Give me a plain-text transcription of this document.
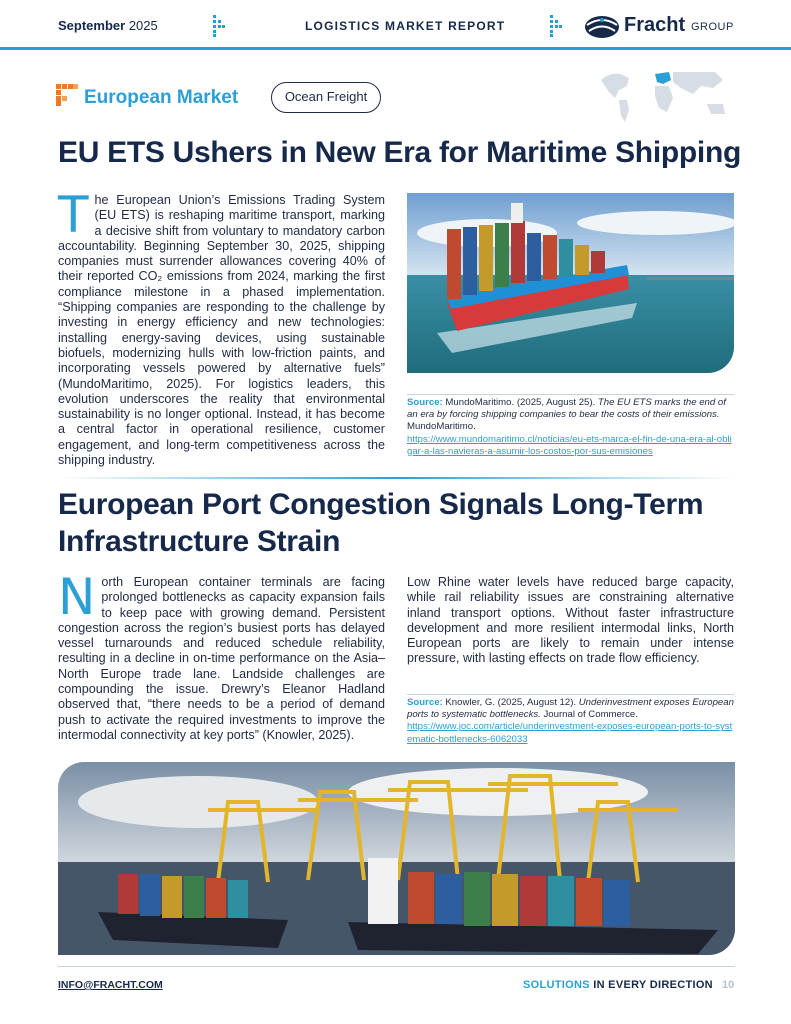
September 2025	LOGISTICS MARKET REPORT	Fracht GROUP
European Market	Ocean Freight
EU ETS Ushers in New Era for Maritime Shipping
The European Union’s Emissions Trading System (EU ETS) is reshaping maritime transport, marking a decisive shift from voluntary to mandatory carbon accountability. Beginning September 30, 2025, shipping companies must surrender allowances covering 40% of their reported CO₂ emissions from 2024, marking the first compliance milestone in a phased implementation. “Shipping companies are responding to the challenge by investing in energy efficiency and new technologies: installing energy-saving devices, using sustainable biofuels, modernizing hulls with low-friction paints, and incorporating vessels powered by alternative fuels” (MundoMaritimo, 2025). For logistics leaders, this evolution underscores the reality that environmental sustainability is no longer optional. Instead, it has become a central factor in operational resilience, customer engagement, and long-term competitiveness across the shipping industry.
Source: MundoMaritimo. (2025, August 25). The EU ETS marks the end of an era by forcing shipping companies to bear the costs of their emissions. MundoMaritimo.
https://www.mundomaritimo.cl/noticias/eu-ets-marca-el-fin-de-una-era-al-obligar-a-las-navieras-a-asumir-los-costos-por-sus-emisiones
European Port Congestion Signals Long-Term
Infrastructure Strain
North European container terminals are facing prolonged bottlenecks as capacity expansion fails to keep pace with growing demand. Persistent congestion across the region’s busiest ports has delayed vessel turnarounds and reduced schedule reliability, resulting in a decline in on-time performance on the Asia–North Europe trade lane. Landside challenges are compounding the issue. Drewry’s Eleanor Hadland observed that, “there needs to be a period of demand push to activate the required investments to improve the intermodal connectivity at key ports” (Knowler, 2025).
Low Rhine water levels have reduced barge capacity, while rail reliability issues are constraining alternative inland transport options. Without faster infrastructure development and more resilient intermodal links, North European ports are likely to remain under intense pressure, with lasting effects on trade flow efficiency.
Source: Knowler, G. (2025, August 12). Underinvestment exposes European ports to systematic bottlenecks. Journal of Commerce.
https://www.joc.com/article/underinvestment-exposes-european-ports-to-systematic-bottlenecks-6062033
INFO@FRACHT.COM	SOLUTIONS IN EVERY DIRECTION 10
